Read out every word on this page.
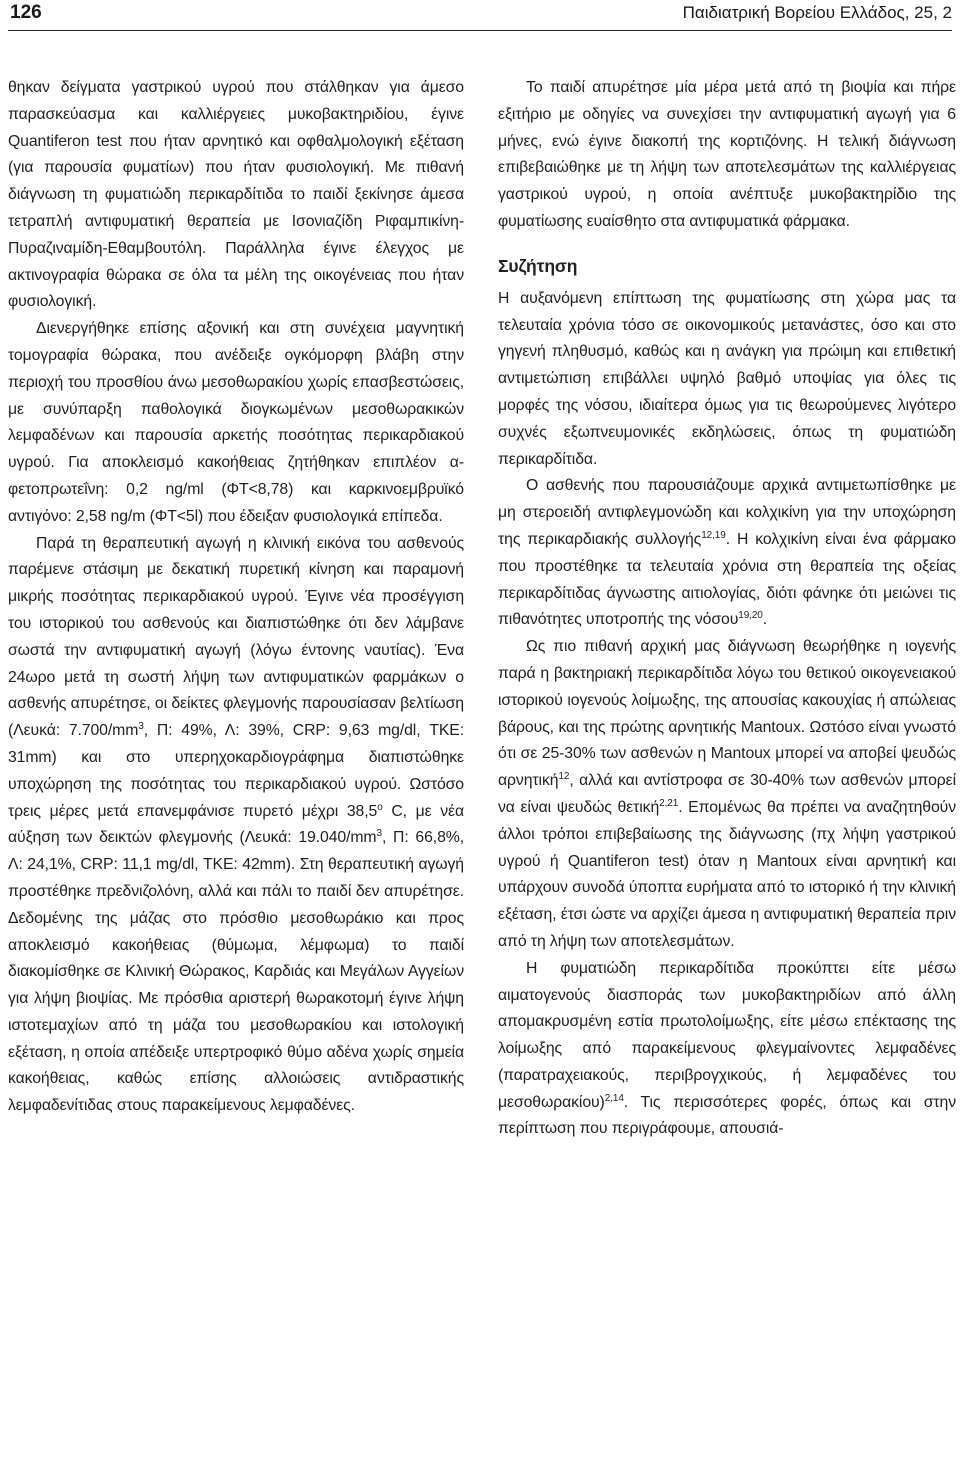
126	Παιδιατρική Βορείου Ελλάδος, 25, 2

θηκαν δείγματα γαστρικού υγρού που στάλθηκαν για άμεσο παρασκεύασμα και καλλιέργειες μυκοβακτηριδίου, έγινε Quantiferon test που ήταν αρνητικό και οφθαλμολογική εξέταση (για παρουσία φυματίων) που ήταν φυσιολογική. Με πιθανή διάγνωση τη φυματιώδη περικαρδίτιδα το παιδί ξεκίνησε άμεσα τετραπλή αντιφυματική θεραπεία με Ισονιαζίδη Ριφαμπικίνη-Πυραζιναμίδη-Εθαμβουτόλη. Παράλληλα έγινε έλεγχος με ακτινογραφία θώρακα σε όλα τα μέλη της οικογένειας που ήταν φυσιολογική.

Διενεργήθηκε επίσης αξονική και στη συνέχεια μαγνητική τομογραφία θώρακα, που ανέδειξε ογκόμορφη βλάβη στην περιοχή του προσθίου άνω μεσοθωρακίου χωρίς επασβεστώσεις, με συνύπαρξη παθολογικά διογκωμένων μεσοθωρακικών λεμφαδένων και παρουσία αρκετής ποσότητας περικαρδιακού υγρού. Για αποκλεισμό κακοήθειας ζητήθηκαν επιπλέον α-φετοπρωτεΐνη: 0,2 ng/ml (ΦΤ<8,78) και καρκινοεμβρυϊκό αντιγόνο: 2,58 ng/m (ΦΤ<5l) που έδειξαν φυσιολογικά επίπεδα.

Παρά τη θεραπευτική αγωγή η κλινική εικόνα του ασθενούς παρέμενε στάσιμη με δεκατική πυρετική κίνηση και παραμονή μικρής ποσότητας περικαρδιακού υγρού. Έγινε νέα προσέγγιση του ιστορικού του ασθενούς και διαπιστώθηκε ότι δεν λάμβανε σωστά την αντιφυματική αγωγή (λόγω έντονης ναυτίας). Ένα 24ωρο μετά τη σωστή λήψη των αντιφυματικών φαρμάκων ο ασθενής απυρέτησε, οι δείκτες φλεγμονής παρουσίασαν βελτίωση (Λευκά: $7.700/mm^3$, Π: 49%, Λ: 39%, CRP: 9,63 mg/dl, ΤΚΕ: 31mm) και στο υπερηχοκαρδιογράφημα διαπιστώθηκε υποχώρηση της ποσότητας του περικαρδιακού υγρού. Ωστόσο τρεις μέρες μετά επανεμφάνισε πυρετό μέχρι $38,5^o$ C, με νέα αύξηση των δεικτών φλεγμονής (Λευκά: $19.040/mm^3$, Π: 66,8%, Λ: 24,1%, CRP: 11,1 mg/dl, ΤΚΕ: 42mm). Στη θεραπευτική αγωγή προστέθηκε πρεδνιζολόνη, αλλά και πάλι το παιδί δεν απυρέτησε. Δεδομένης της μάζας στο πρόσθιο μεσοθωράκιο και προς αποκλεισμό κακοήθειας (θύμωμα, λέμφωμα) το παιδί διακομίσθηκε σε Κλινική Θώρακος, Καρδιάς και Μεγάλων Αγγείων για λήψη βιοψίας. Με πρόσθια αριστερή θωρακοτομή έγινε λήψη ιστοτεμαχίων από τη μάζα του μεσοθωρακίου και ιστολογική εξέταση, η οποία απέδειξε υπερτροφικό θύμο αδένα χωρίς σημεία κακοήθειας, καθώς επίσης αλλοιώσεις αντιδραστικής λεμφαδενίτιδας στους παρακείμενους λεμφαδένες.

Το παιδί απυρέτησε μία μέρα μετά από τη βιοψία και πήρε εξιτήριο με οδηγίες να συνεχίσει την αντιφυματική αγωγή για 6 μήνες, ενώ έγινε διακοπή της κορτιζόνης. Η τελική διάγνωση επιβεβαιώθηκε με τη λήψη των αποτελεσμάτων της καλλιέργειας γαστρικού υγρού, η οποία ανέπτυξε μυκοβακτηρίδιο της φυματίωσης ευαίσθητο στα αντιφυματικά φάρμακα.

Συζήτηση

Η αυξανόμενη επίπτωση της φυματίωσης στη χώρα μας τα τελευταία χρόνια τόσο σε οικονομικούς μετανάστες, όσο και στο γηγενή πληθυσμό, καθώς και η ανάγκη για πρώιμη και επιθετική αντιμετώπιση επιβάλλει υψηλό βαθμό υποψίας για όλες τις μορφές της νόσου, ιδιαίτερα όμως για τις θεωρούμενες λιγότερο συχνές εξωπνευμονικές εκδηλώσεις, όπως τη φυματιώδη περικαρδίτιδα.

Ο ασθενής που παρουσιάζουμε αρχικά αντιμετωπίσθηκε με μη στεροειδή αντιφλεγμονώδη και κολχικίνη για την υποχώρηση της περικαρδιακής συλλογής$^{12,19}$. Η κολχικίνη είναι ένα φάρμακο που προστέθηκε τα τελευταία χρόνια στη θεραπεία της οξείας περικαρδίτιδας άγνωστης αιτιολογίας, διότι φάνηκε ότι μειώνει τις πιθανότητες υποτροπής της νόσου$^{19,20}$.

Ως πιο πιθανή αρχική μας διάγνωση θεωρήθηκε η ιογενής παρά η βακτηριακή περικαρδίτιδα λόγω του θετικού οικογενειακού ιστορικού ιογενούς λοίμωξης, της απουσίας κακουχίας ή απώλειας βάρους, και της πρώτης αρνητικής Mantoux. Ωστόσο είναι γνωστό ότι σε 25-30% των ασθενών η Mantoux μπορεί να αποβεί ψευδώς αρνητική$^{12}$, αλλά και αντίστροφα σε 30-40% των ασθενών μπορεί να είναι ψευδώς θετική$^{2,21}$. Επομένως θα πρέπει να αναζητηθούν άλλοι τρόποι επιβεβαίωσης της διάγνωσης (πχ λήψη γαστρικού υγρού ή Quantiferon test) όταν η Mantoux είναι αρνητική και υπάρχουν συνοδά ύποπτα ευρήματα από το ιστορικό ή την κλινική εξέταση, έτσι ώστε να αρχίζει άμεσα η αντιφυματική θεραπεία πριν από τη λήψη των αποτελεσμάτων.

Η φυματιώδη περικαρδίτιδα προκύπτει είτε μέσω αιματογενούς διασποράς των μυκοβακτηριδίων από άλλη απομακρυσμένη εστία πρωτολοίμωξης, είτε μέσω επέκτασης της λοίμωξης από παρακείμενους φλεγμαίνοντες λεμφαδένες (παρατραχειακούς, περιβρογχικούς, ή λεμφαδένες του μεσοθωρακίου)$^{2,14}$. Τις περισσότερες φορές, όπως και στην περίπτωση που περιγράφουμε, απουσιά-
